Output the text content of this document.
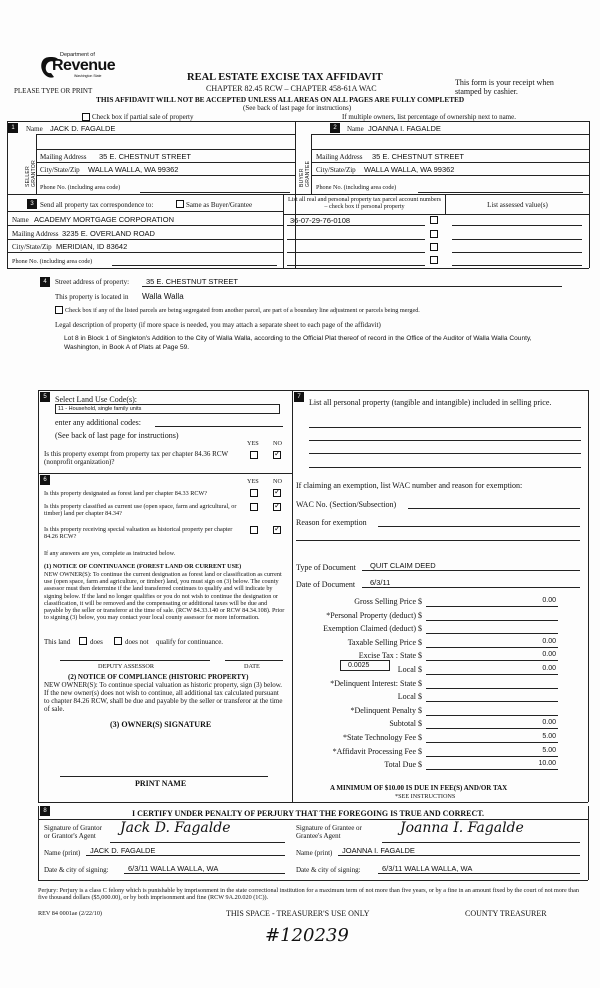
Department of
Revenue
Washington State
PLEASE TYPE OR PRINT
REAL ESTATE EXCISE TAX AFFIDAVIT
CHAPTER 82.45 RCW – CHAPTER 458-61A WAC
This form is your receipt when stamped by cashier.
THIS AFFIDAVIT WILL NOT BE ACCEPTED UNLESS ALL AREAS ON ALL PAGES ARE FULLY COMPLETED
(See back of last page for instructions)
Check box if partial sale of property	If multiple owners, list percentage of ownership next to name.
1
SELLER GRANTOR
Name JACK D. FAGALDE
Mailing Address 35 E. CHESTNUT STREET
City/State/Zip WALLA WALLA, WA 99362
Phone No. (including area code)
2
BUYER GRANTEE
Name JOANNA I. FAGALDE
Mailing Address 35 E. CHESTNUT STREET
City/State/Zip WALLA WALLA, WA 99362
Phone No. (including area code)
3 Send all property tax correspondence to:	Same as Buyer/Grantee
Name ACADEMY MORTGAGE CORPORATION
Mailing Address 3235 E. OVERLAND ROAD
City/State/Zip MERIDIAN, ID 83642
Phone No. (including area code)
List all real and personal property tax parcel account numbers – check box if personal property	List assessed value(s)
36-07-29-76-0108
4	Street address of property: 35 E. CHESTNUT STREET
This property is located in Walla Walla
Check box if any of the listed parcels are being segregated from another parcel, are part of a boundary line adjustment or parcels being merged.
Legal description of property (if more space is needed, you may attach a separate sheet to each page of the affidavit)
Lot 8 in Block 1 of Singleton's Addition to the City of Walla Walla, according to the Official Plat thereof of record in the Office of the Auditor of Walla Walla County, Washington, in Book A of Plats at Page 59.
5	Select Land Use Code(s):
11 - Household, single family units
enter any additional codes:
(See back of last page for instructions)
YES NO
Is this property exempt from property tax per chapter 84.36 RCW (nonprofit organization)?
✓
6	YES NO
Is this property designated as forest land per chapter 84.33 RCW?
✓
Is this property classified as current use (open space, farm and agricultural, or timber) land per chapter 84.34?
✓
Is this property receiving special valuation as historical property per chapter 84.26 RCW?
✓
If any answers are yes, complete as instructed below.
(1) NOTICE OF CONTINUANCE (FOREST LAND OR CURRENT USE)
NEW OWNER(S): To continue the current designation as forest land or classification as current use (open space, farm and agriculture, or timber) land, you must sign on (3) below. The county assessor must then determine if the land transferred continues to qualify and will indicate by signing below. If the land no longer qualifies or you do not wish to continue the designation or classification, it will be removed and the compensating or additional taxes will be due and payable by the seller or transferor at the time of sale. (RCW 84.33.140 or RCW 84.34.108). Prior to signing (3) below, you may contact your local county assessor for more information.
This land	does	does not qualify for continuance.
DEPUTY ASSESSOR	DATE
(2) NOTICE OF COMPLIANCE (HISTORIC PROPERTY)
NEW OWNER(S): To continue special valuation as historic property, sign (3) below. If the new owner(s) does not wish to continue, all additional tax calculated pursuant to chapter 84.26 RCW, shall be due and payable by the seller or transferor at the time of sale.
(3) OWNER(S) SIGNATURE
PRINT NAME
7
List all personal property (tangible and intangible) included in selling price.
If claiming an exemption, list WAC number and reason for exemption:
WAC No. (Section/Subsection)
Reason for exemption
Type of Document QUIT CLAIM DEED
Date of Document 6/3/11
Gross Selling Price $	0.00
*Personal Property (deduct) $
Exemption Claimed (deduct) $
Taxable Selling Price $	0.00
Excise Tax : State $	0.00
Local $	0.00
*Delinquent Interest: State $
Local $
*Delinquent Penalty $
Subtotal $	0.00
*State Technology Fee $	5.00
*Affidavit Processing Fee $	5.00
Total Due $	10.00
0.0025
A MINIMUM OF $10.00 IS DUE IN FEE(S) AND/OR TAX
*SEE INSTRUCTIONS
8	I CERTIFY UNDER PENALTY OF PERJURY THAT THE FOREGOING IS TRUE AND CORRECT.
Signature of Grantor or Grantor's Agent	Jack D. Fagalde
Name (print) JACK D. FAGALDE
Date & city of signing:	6/3/11 WALLA WALLA, WA
Signature of Grantee or Grantee's Agent	Joanna I. Fagalde
Name (print) JOANNA I. FAGALDE
Date & city of signing:	6/3/11 WALLA WALLA, WA
Perjury: Perjury is a class C felony which is punishable by imprisonment in the state correctional institution for a maximum term of not more than five years, or by a fine in an amount fixed by the court of not more than five thousand dollars ($5,000.00), or by both imprisonment and fine (RCW 9A.20.020 (1C)).
REV 84 0001ae (2/22/10)	THIS SPACE - TREASURER'S USE ONLY	COUNTY TREASURER
#120239
